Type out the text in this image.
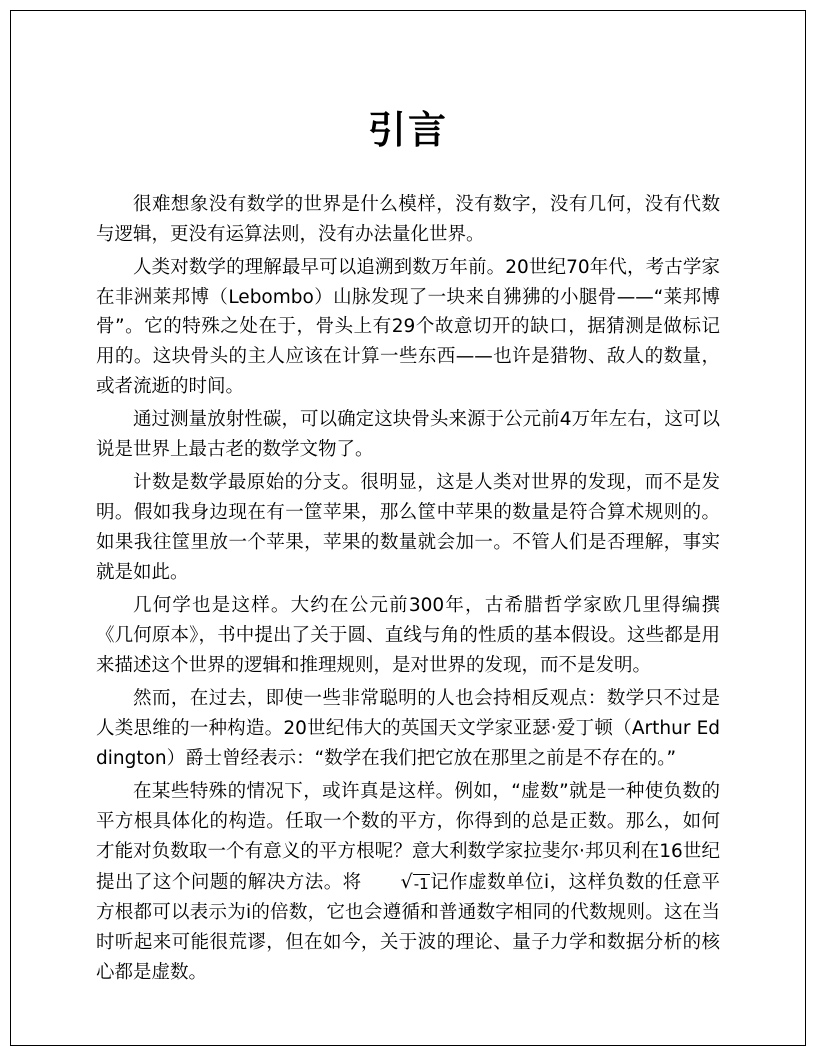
引言

很难想象没有数学的世界是什么模样，没有数字，没有几何，没有代数与逻辑，更没有运算法则，没有办法量化世界。

人类对数学的理解最早可以追溯到数万年前。20世纪70年代，考古学家在非洲莱邦博（Lebombo）山脉发现了一块来自狒狒的小腿骨——“莱邦博骨”。它的特殊之处在于，骨头上有29个故意切开的缺口，据猜测是做标记用的。这块骨头的主人应该在计算一些东西——也许是猎物、敌人的数量，或者流逝的时间。

通过测量放射性碳，可以确定这块骨头来源于公元前4万年左右，这可以说是世界上最古老的数学文物了。

计数是数学最原始的分支。很明显，这是人类对世界的发现，而不是发明。假如我身边现在有一筐苹果，那么筐中苹果的数量是符合算术规则的。如果我往筐里放一个苹果，苹果的数量就会加一。不管人们是否理解，事实就是如此。

几何学也是这样。大约在公元前300年，古希腊哲学家欧几里得编撰《几何原本》，书中提出了关于圆、直线与角的性质的基本假设。这些都是用来描述这个世界的逻辑和推理规则，是对世界的发现，而不是发明。

然而，在过去，即使一些非常聪明的人也会持相反观点：数学只不过是人类思维的一种构造。20世纪伟大的英国天文学家亚瑟·爱丁顿（Arthur Eddington）爵士曾经表示：“数学在我们把它放在那里之前是不存在的。”

在某些特殊的情况下，或许真是这样。例如，“虚数”就是一种使负数的平方根具体化的构造。任取一个数的平方，你得到的总是正数。那么，如何才能对负数取一个有意义的平方根呢？意大利数学家拉斐尔·邦贝利在16世纪提出了这个问题的解决方法。将 √-1记作虚数单位i，这样负数的任意平方根都可以表示为i的倍数，它也会遵循和普通数字相同的代数规则。这在当时听起来可能很荒谬，但在如今，关于波的理论、量子力学和数据分析的核心都是虚数。
